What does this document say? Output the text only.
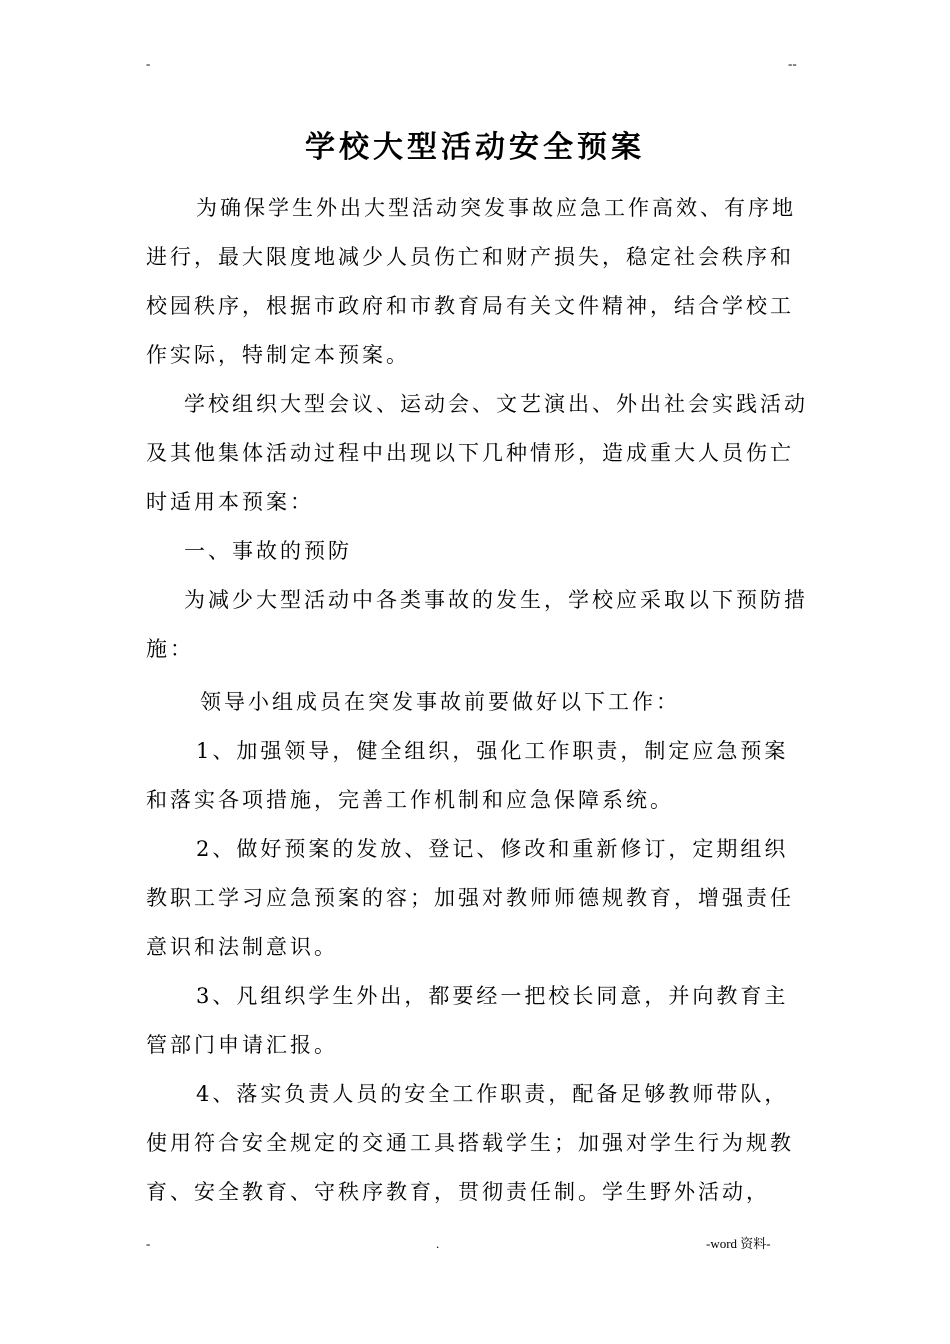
-	--
学校大型活动安全预案

为确保学生外出大型活动突发事故应急工作高效、有序地进行，最大限度地减少人员伤亡和财产损失，稳定社会秩序和校园秩序，根据市政府和市教育局有关文件精神，结合学校工作实际，特制定本预案。

学校组织大型会议、运动会、文艺演出、外出社会实践活动及其他集体活动过程中出现以下几种情形，造成重大人员伤亡时适用本预案：

一、事故的预防

为减少大型活动中各类事故的发生，学校应采取以下预防措施：

领导小组成员在突发事故前要做好以下工作：

1、加强领导，健全组织，强化工作职责，制定应急预案和落实各项措施，完善工作机制和应急保障系统。

2、做好预案的发放、登记、修改和重新修订，定期组织教职工学习应急预案的容；加强对教师师德规教育，增强责任意识和法制意识。

3、凡组织学生外出，都要经一把校长同意，并向教育主管部门申请汇报。

4、落实负责人员的安全工作职责，配备足够教师带队，使用符合安全规定的交通工具搭载学生；加强对学生行为规教育、安全教育、守秩序教育，贯彻责任制。学生野外活动，

-	.	-word 资料-
